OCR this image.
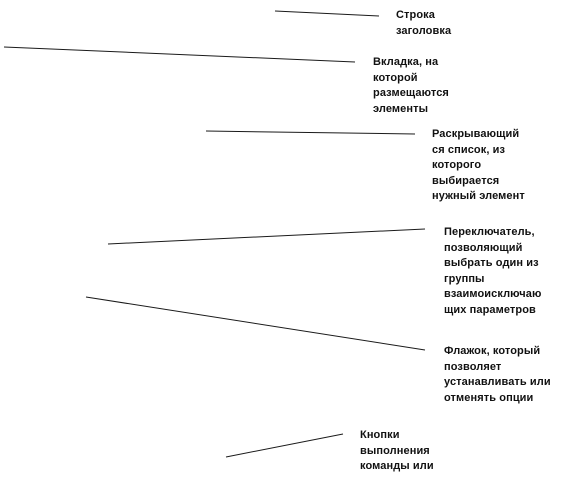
Строка
заголовка

Вкладка, на
которой
размещаются
элементы

Раскрывающий
ся список, из
которого
выбирается
нужный элемент

Переключатель,
позволяющий
выбрать один из
группы
взаимоисключаю
щих параметров

Флажок, который
позволяет
устанавливать или
отменять опции

Кнопки
выполнения
команды или
